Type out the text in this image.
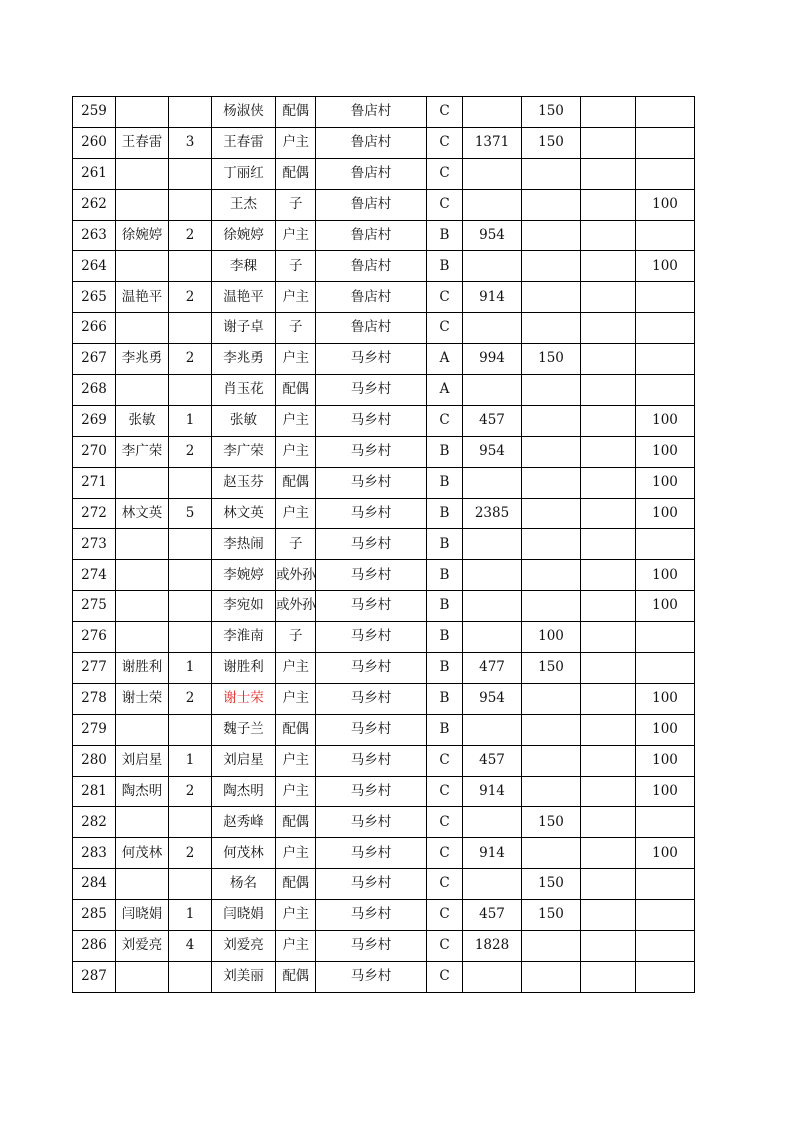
259			杨淑侠	配偶	鲁店村	C		150		
260	王春雷	3	王春雷	户主	鲁店村	C	1371	150		
261			丁丽红	配偶	鲁店村	C				
262			王杰	子	鲁店村	C				100
263	徐婉婷	2	徐婉婷	户主	鲁店村	B	954			
264			李稞	子	鲁店村	B				100
265	温艳平	2	温艳平	户主	鲁店村	C	914			
266			谢子卓	子	鲁店村	C				
267	李兆勇	2	李兆勇	户主	马乡村	A	994	150		
268			肖玉花	配偶	马乡村	A				
269	张敏	1	张敏	户主	马乡村	C	457			100
270	李广荣	2	李广荣	户主	马乡村	B	954			100
271			赵玉芬	配偶	马乡村	B				100
272	林文英	5	林文英	户主	马乡村	B	2385			100
273			李热闹	子	马乡村	B				
274			李婉婷	或外孙	马乡村	B				100
275			李宛如	或外孙	马乡村	B				100
276			李淮南	子	马乡村	B		100		
277	谢胜利	1	谢胜利	户主	马乡村	B	477	150		
278	谢士荣	2	谢士荣	户主	马乡村	B	954			100
279			魏子兰	配偶	马乡村	B				100
280	刘启星	1	刘启星	户主	马乡村	C	457			100
281	陶杰明	2	陶杰明	户主	马乡村	C	914			100
282			赵秀峰	配偶	马乡村	C		150		
283	何茂林	2	何茂林	户主	马乡村	C	914			100
284			杨名	配偶	马乡村	C		150		
285	闫晓娟	1	闫晓娟	户主	马乡村	C	457	150		
286	刘爱亮	4	刘爱亮	户主	马乡村	C	1828			
287			刘美丽	配偶	马乡村	C				
